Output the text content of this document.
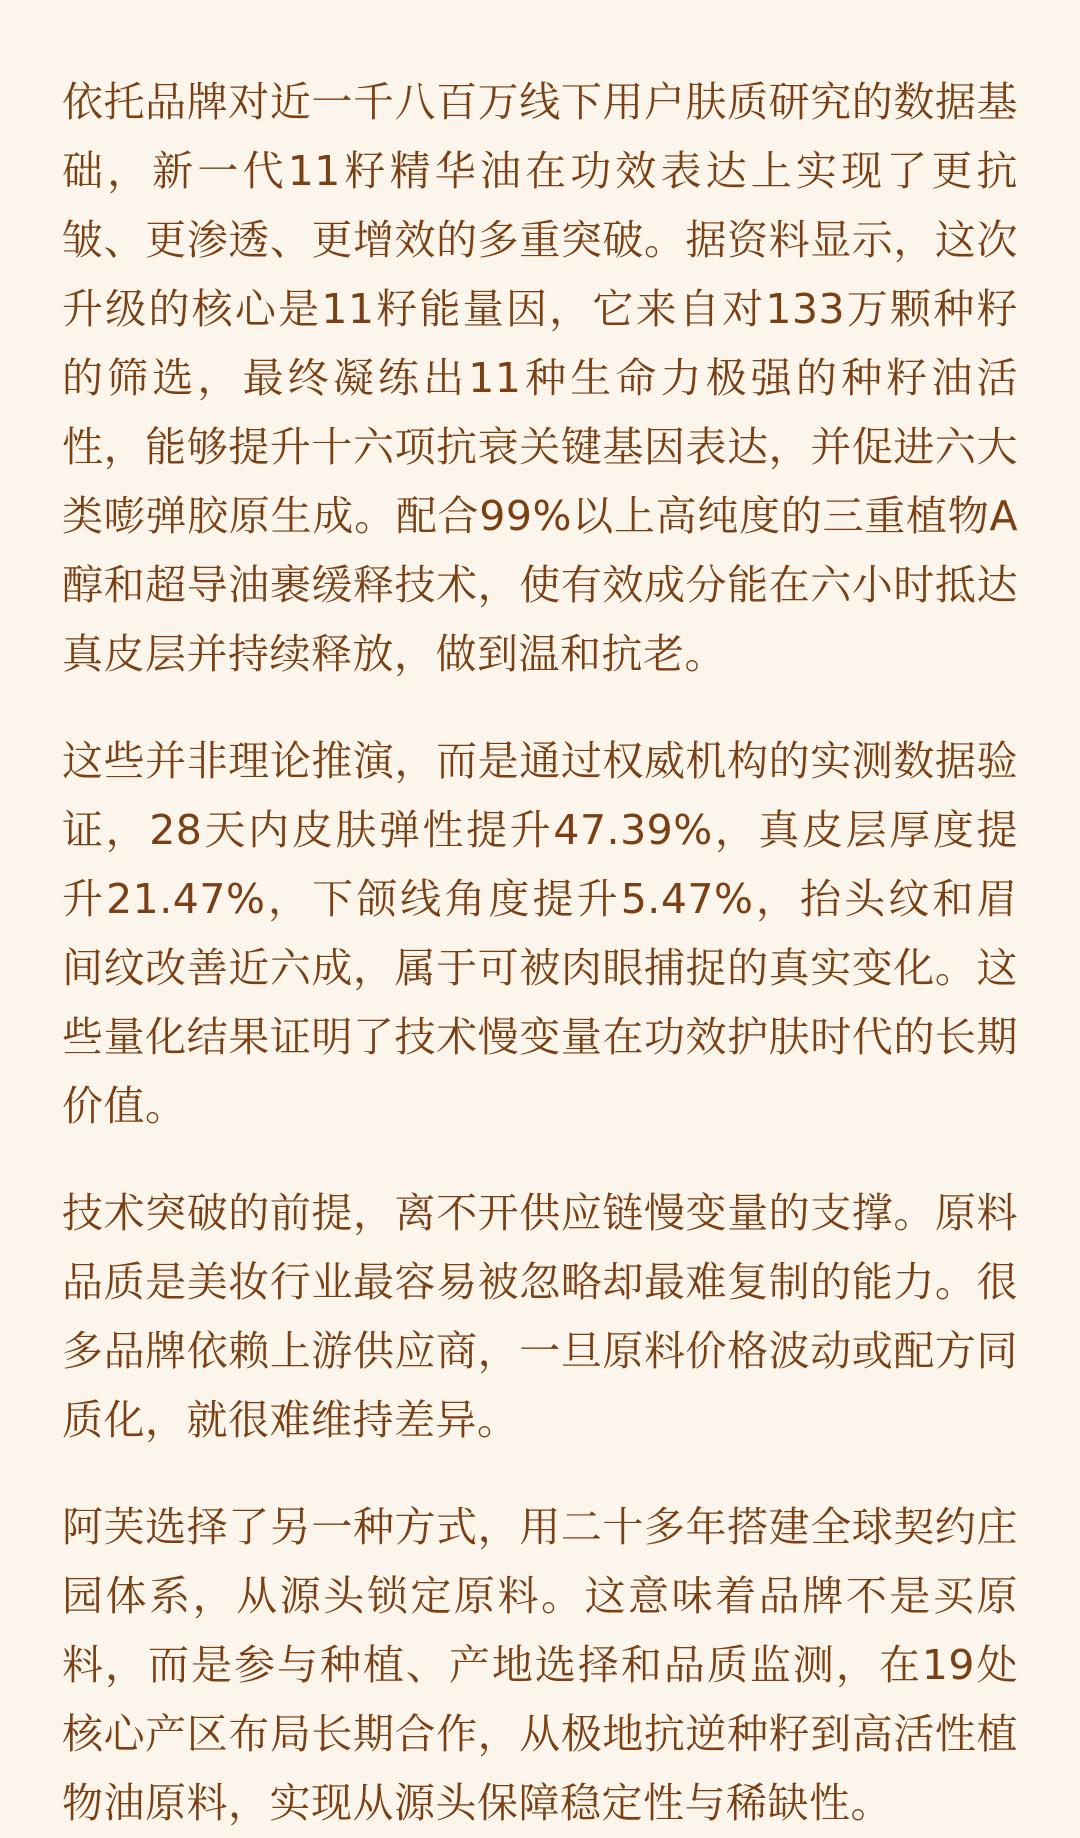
依托品牌对近一千八百万线下用户肤质研究的数据基础，新一代11籽精华油在功效表达上实现了更抗皱、更渗透、更增效的多重突破。据资料显示，这次升级的核心是11籽能量因，它来自对133万颗种籽的筛选，最终凝练出11种生命力极强的种籽油活性，能够提升十六项抗衰关键基因表达，并促进六大类嘭弹胶原生成。配合99%以上高纯度的三重植物A醇和超导油裹缓释技术，使有效成分能在六小时抵达真皮层并持续释放，做到温和抗老。

这些并非理论推演，而是通过权威机构的实测数据验证，28天内皮肤弹性提升47.39%，真皮层厚度提升21.47%，下颌线角度提升5.47%，抬头纹和眉间纹改善近六成，属于可被肉眼捕捉的真实变化。这些量化结果证明了技术慢变量在功效护肤时代的长期价值。

技术突破的前提，离不开供应链慢变量的支撑。原料品质是美妆行业最容易被忽略却最难复制的能力。很多品牌依赖上游供应商，一旦原料价格波动或配方同质化，就很难维持差异。

阿芙选择了另一种方式，用二十多年搭建全球契约庄园体系，从源头锁定原料。这意味着品牌不是买原料，而是参与种植、产地选择和品质监测，在19处核心产区布局长期合作，从极地抗逆种籽到高活性植物油原料，实现从源头保障稳定性与稀缺性。
